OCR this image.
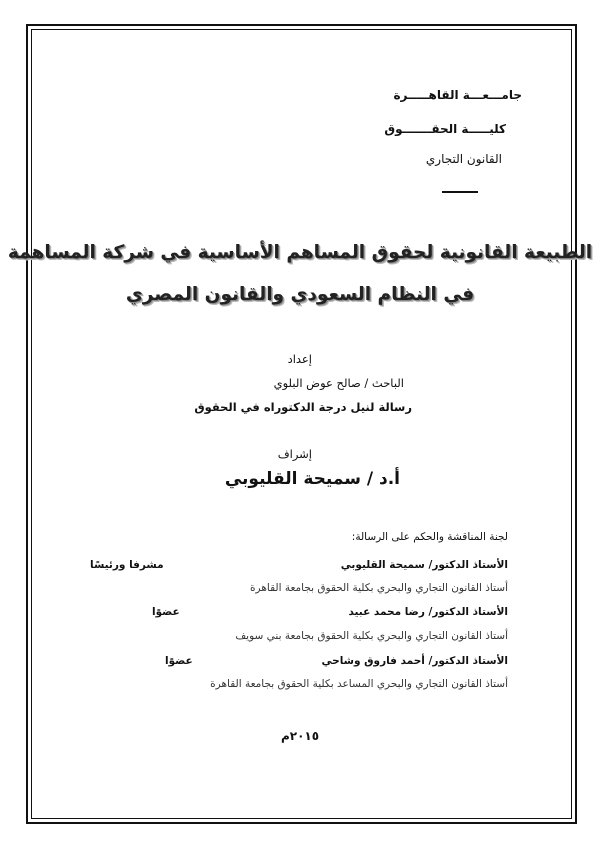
جامـــعـــة القاهـــــرة
كليـــــة الحقـــــــوق
القانون التجاري
الطبيعة القانونية لحقوق المساهم الأساسية في شركة المساهمة
في النظام السعودي والقانون المصري
إعداد
الباحث / صالح عوض البلوي
رسالة لنيل درجة الدكتوراه في الحقوق
إشراف
أ.د / سميحة القليوبي
لجنة المناقشة والحكم على الرسالة:
الأستاذ الدكتور/ سميحة القليوبي
مشرفا ورئيسًا
أستاذ القانون التجاري والبحري بكلية الحقوق بجامعة القاهرة
الأستاذ الدكتور/ رضا محمد عبيد
عضوًا
أستاذ القانون التجاري والبحري بكلية الحقوق بجامعة بني سويف
الأستاذ الدكتور/ أحمد فاروق وشاحي
عضوًا
أستاذ القانون التجاري والبحري المساعد بكلية الحقوق بجامعة القاهرة
٢٠١٥م
